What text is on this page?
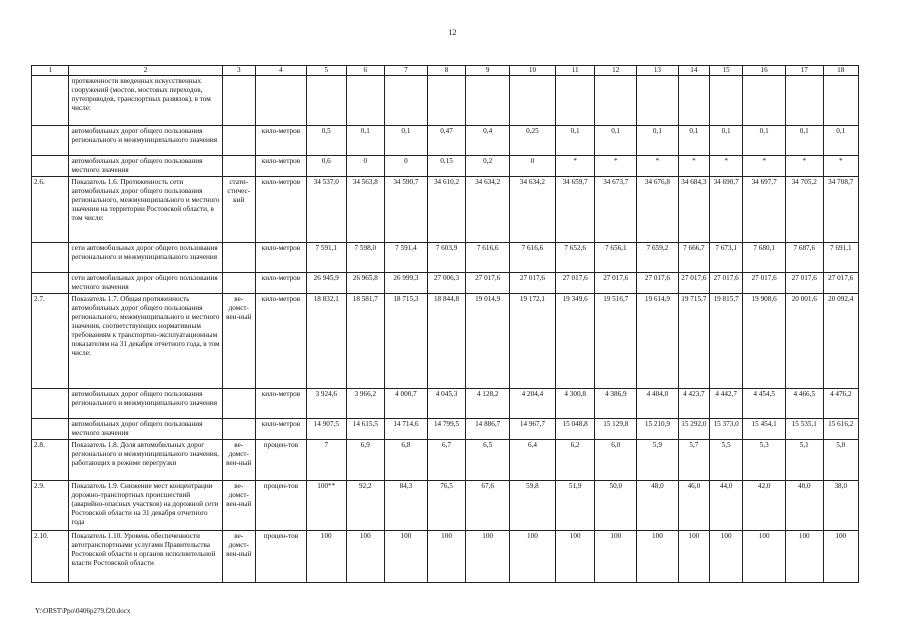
12
1	2	3	4	5	6	7	8	9	10	11	12	13	14	15	16	17	18
	протяженности введенных искусственных сооружений (мостов, мостовых переходов, путепроводов, транспортных развязок), в том числе:																
	автомобильных дорог общего пользования регионального и межмуниципального значения		кило-метров	0,5	0,1	0,1	0,47	0,4	0,25	0,1	0,1	0,1	0,1	0,1	0,1	0,1	0,1
	автомобильных дорог общего пользования местного значения		кило-метров	0,6	0	0	0,15	0,2	0	*	*	*	*	*	*	*	*
2.6.	Показатель 1.6. Протяженность сети автомобильных дорог общего пользования регионального, межмуниципального и местного значения на территории Ростовской области, в том числе:	стати-стичес-кий	кило-метров	34 537,0	34 563,8	34 590,7	34 610,2	34 634,2	34 634,2	34 659,7	34 673,7	34 676,8	34 684,3	34 690,7	34 697,7	34 705,2	34 708,7
	сети автомобильных дорог общего пользования регионального и межмуниципального значения		кило-метров	7 591,1	7 598,0	7 591,4	7 603,9	7 616,6	7 616,6	7 652,6	7 656,1	7 659,2	7 666,7	7 673,1	7 680,1	7 687,6	7 691,1
	сети автомобильных дорог общего пользования местного значения		кило-метров	26 945,9	26 965,8	26 999,3	27 006,3	27 017,6	27 017,6	27 017,6	27 017,6	27 017,6	27 017,6	27 017,6	27 017,6	27 017,6	27 017,6
2.7.	Показатель 1.7. Общая протяженность автомобильных дорог общего пользования регионального, межмуниципального и местного значения, соответствующих нормативным требованиям к транспортно-эксплуатационным показателям на 31 декабря отчетного года, в том числе:	ве-домст-вен-ный	кило-метров	18 832,1	18 581,7	18 715,3	18 844,8	19 014,9	19 172,1	19 349,6	19 516,7	19 614,9	19 715,7	19 815,7	19 908,6	20 001,6	20 092,4
	автомобильных дорог общего пользования регионального и межмуниципального значения		кило-метров	3 924,6	3 966,2	4 000,7	4 045,3	4 128,2	4 204,4	4 300,8	4 386,9	4 404,0	4 423,7	4 442,7	4 454,5	4 466,5	4 476,2
	автомобильных дорог общего пользования местного значения		кило-метров	14 907,5	14 615,5	14 714,6	14 799,5	14 886,7	14 967,7	15 048,8	15 129,8	15 210,9	15 292,0	15 373,0	15 454,1	15 535,1	15 616,2
2.8.	Показатель 1.8. Доля автомобильных дорог регионального и межмуниципального значения, работающих в режиме перегрузки	ве-домст-вен-ный	процен-тов	7	6,9	6,8	6,7	6,5	6,4	6,2	6,0	5,9	5,7	5,5	5,3	5,1	5,0
2.9.	Показатель 1.9. Снижение мест концентрации дорожно-транспортных происшествий (аварийно-опасных участков) на дорожной сети Ростовской области на 31 декабря отчетного года	ве-домст-вен-ный	процен-тов	100**	92,2	84,3	76,5	67,6	59,8	51,9	50,0	48,0	46,0	44,0	42,0	40,0	38,0
2.10.	Показатель 1.10. Уровень обеспеченности автотранспортными услугами Правительства Ростовской области и органов исполнительной власти Ростовской области	ве-домст-вен-ный	процен-тов	100	100	100	100	100	100	100	100	100	100	100	100	100	100
Y:\ORST\Ppo\0406p279.f20.docx
